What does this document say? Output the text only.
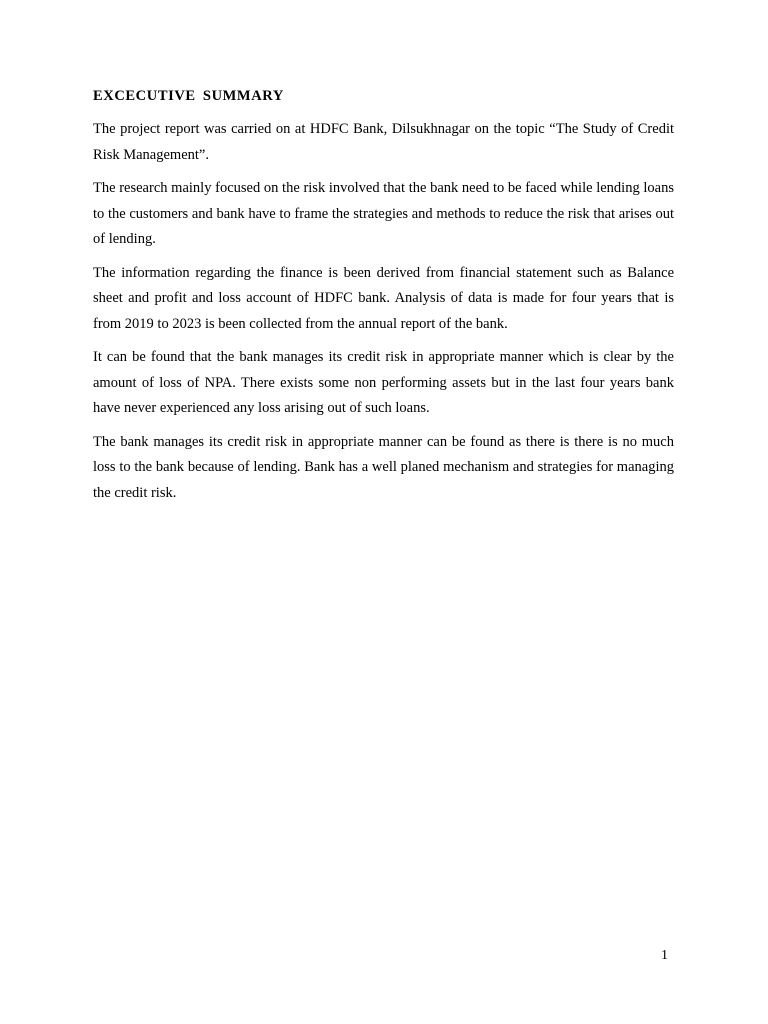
EXCECUTIVE SUMMARY

The project report was carried on at HDFC Bank, Dilsukhnagar on the topic “The Study of Credit Risk Management”.

The research mainly focused on the risk involved that the bank need to be faced while lending loans to the customers and bank have to frame the strategies and methods to reduce the risk that arises out of lending.

The information regarding the finance is been derived from financial statement such as Balance sheet and profit and loss account of HDFC bank. Analysis of data is made for four years that is from 2019 to 2023 is been collected from the annual report of the bank.

It can be found that the bank manages its credit risk in appropriate manner which is clear by the amount of loss of NPA. There exists some non performing assets but in the last four years bank have never experienced any loss arising out of such loans.

The bank manages its credit risk in appropriate manner can be found as there is there is no much loss to the bank because of lending. Bank has a well planed mechanism and strategies for managing the credit risk.

1
